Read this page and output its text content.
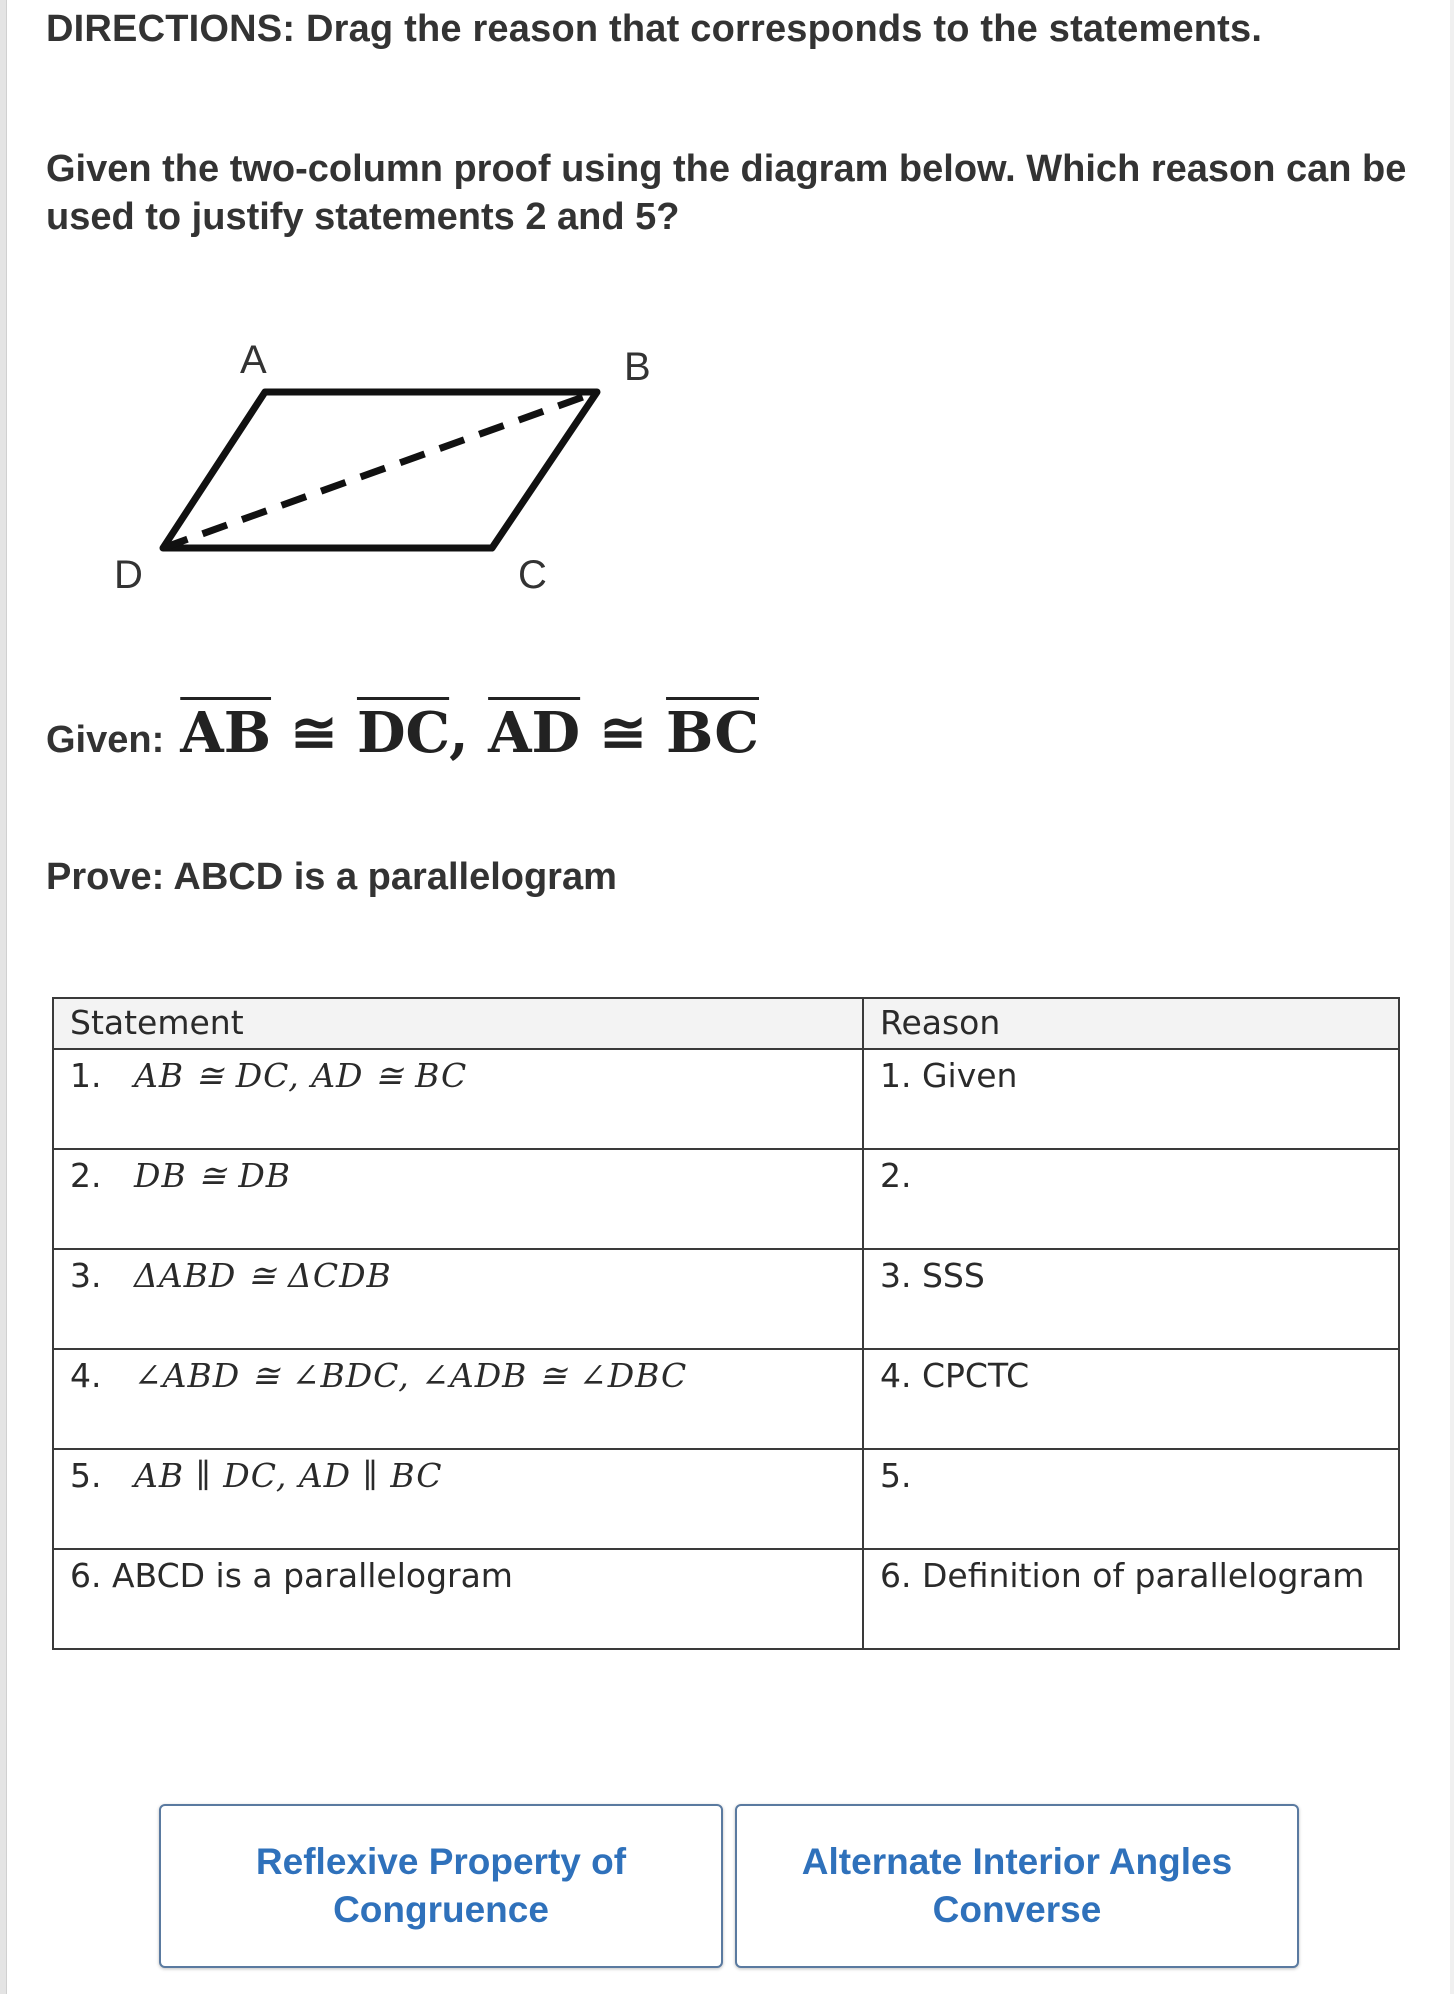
DIRECTIONS: Drag the reason that corresponds to the statements.
Given the two-column proof using the diagram below. Which reason can be used to justify statements 2 and 5?
A	B
C
D
Given: $\overline{AB}$ ≅ $\overline{DC}$, $\overline{AD}$ ≅ $\overline{BC}$
Prove: ABCD is a parallelogram
Statement	Reason
1. AB ≅ DC, AD ≅ BC	1. Given
2. DB ≅ DB	2.
3. ΔABD ≅ ΔCDB	3. SSS
4. ∠ABD ≅ ∠BDC, ∠ADB ≅ ∠DBC	4. CPCTC
5. AB ∥ DC, AD ∥ BC	5.
6. ABCD is a parallelogram	6. Definition of parallelogram
Reflexive Property of Congruence
Alternate Interior Angles Converse
